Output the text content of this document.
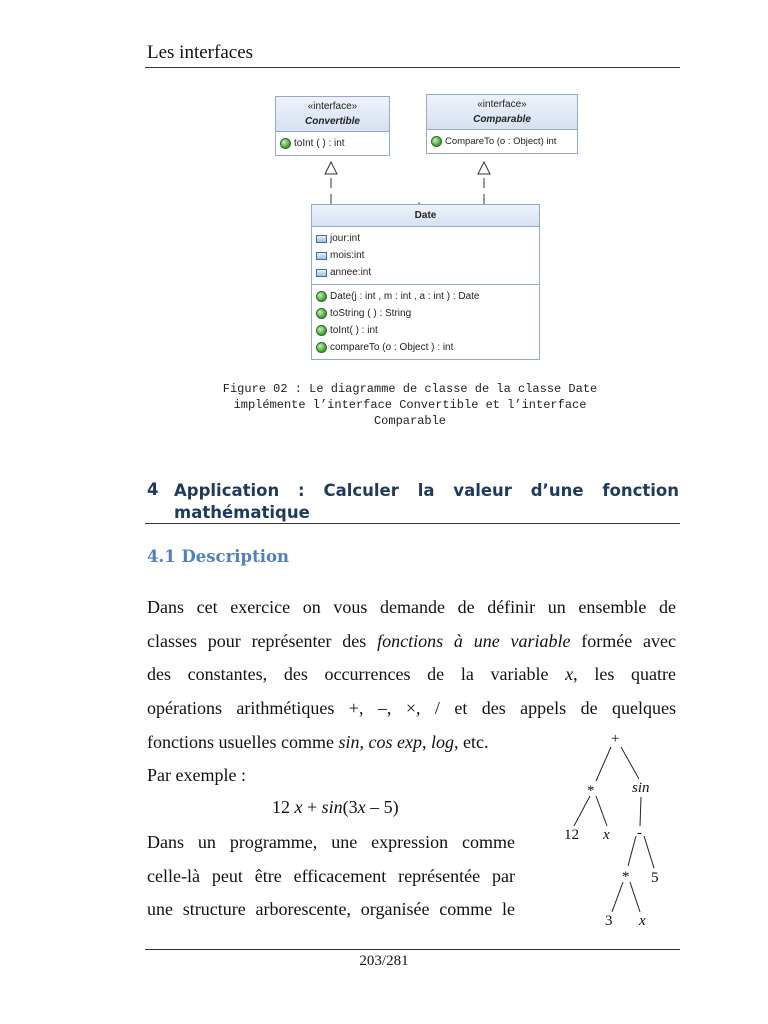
Les interfaces
«interface»
Convertible
toInt ( ) : int
«interface»
Comparable
CompareTo (o : Object) int
Date
jour:int
mois:int
annee:int
Date(j : int , m : int , a : int ) : Date
toString ( ) : String
toInt( ) : int
compareTo (o : Object ) : int
Figure 02 : Le diagramme de classe de la classe Date
implémente l’interface Convertible et l’interface
Comparable
4 Application : Calculer la valeur d’une fonction
mathématique
4.1 Description
Dans cet exercice on vous demande de définir un ensemble de
classes pour représenter des fonctions à une variable formée avec
des constantes, des occurrences de la variable x, les quatre
opérations arithmétiques +, –, ×, / et des appels de quelques
fonctions usuelles comme sin, cos exp, log, etc.
Par exemple :
12 x + sin(3x – 5)
Dans un programme, une expression comme
celle-là peut être efficacement représentée par
une structure arborescente, organisée comme le
+
*	sin
12 x -
* 5
3 x
203/281
